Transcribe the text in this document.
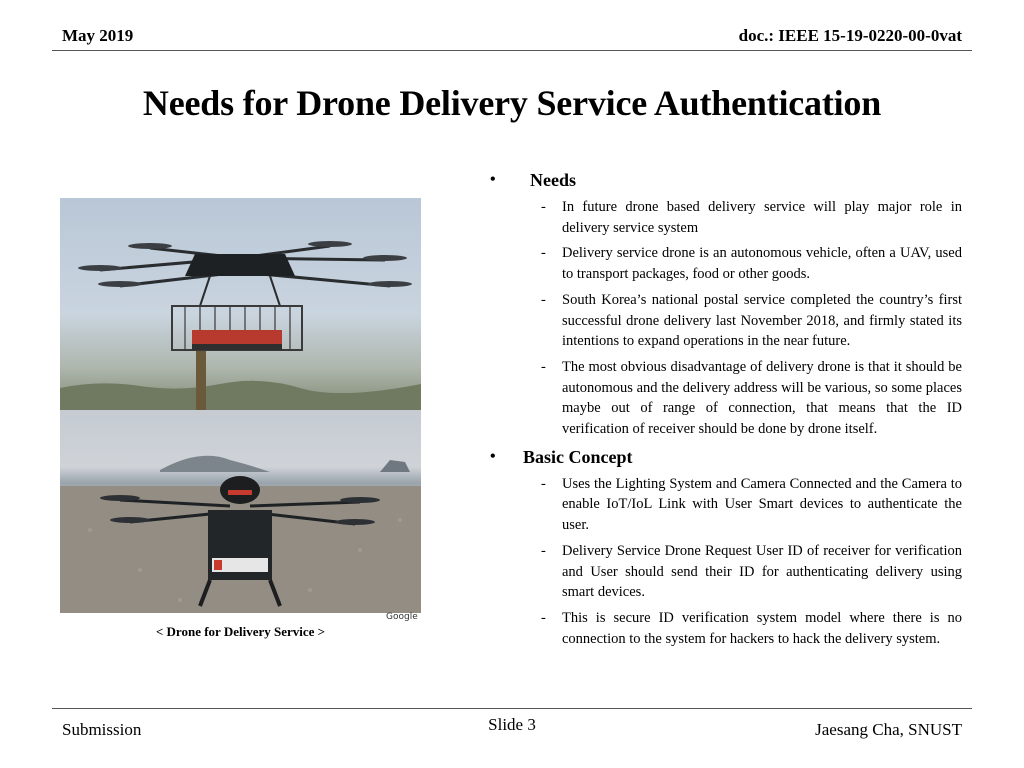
May 2019	doc.: IEEE 15-19-0220-00-0vat
Needs for Drone Delivery Service Authentication
Google
< Drone for Delivery Service >
• Needs
- In future drone based delivery service will play major role in delivery service system
- Delivery service drone is an autonomous vehicle, often a UAV, used to transport packages, food or other goods.
- South Korea’s national postal service completed the country’s first successful drone delivery last November 2018, and firmly stated its intentions to expand operations in the near future.
- The most obvious disadvantage of delivery drone is that it should be autonomous and the delivery address will be various, so some places maybe out of range of connection, that means that the ID verification of receiver should be done by drone itself.
• Basic Concept
- Uses the Lighting System and Camera Connected and the Camera to enable IoT/IoL Link with User Smart devices to authenticate the user.
- Delivery Service Drone Request User ID of receiver for verification and User should send their ID for authenticating delivery using smart devices.
- This is secure ID verification system model where there is no connection to the system for hackers to hack the delivery system.
Submission	Slide 3	Jaesang Cha, SNUST
